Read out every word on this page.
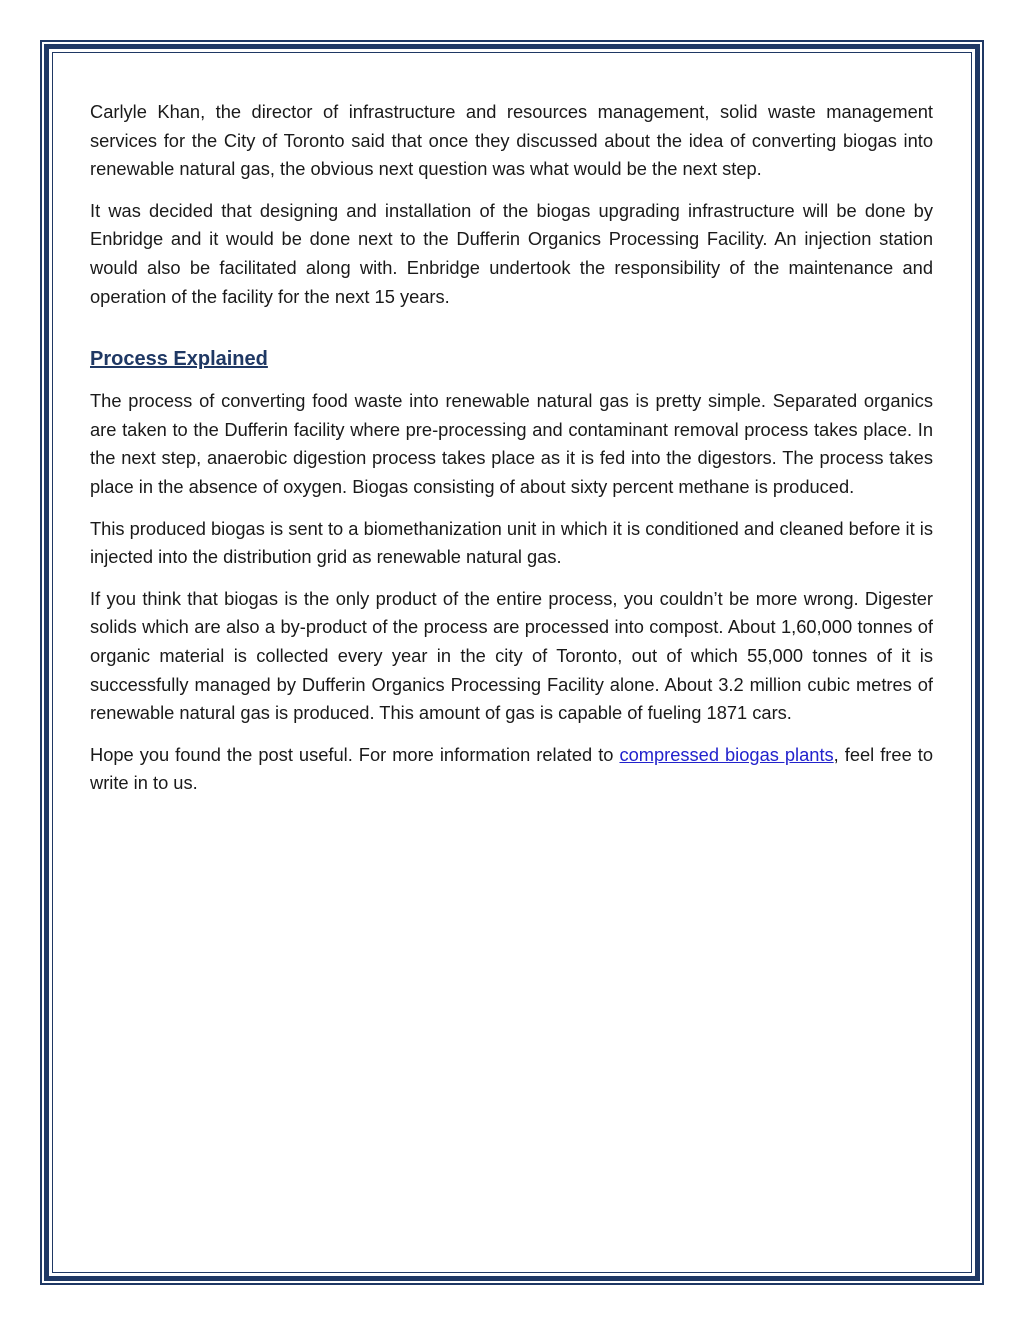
Carlyle Khan, the director of infrastructure and resources management, solid waste management services for the City of Toronto said that once they discussed about the idea of converting biogas into renewable natural gas, the obvious next question was what would be the next step.

It was decided that designing and installation of the biogas upgrading infrastructure will be done by Enbridge and it would be done next to the Dufferin Organics Processing Facility. An injection station would also be facilitated along with. Enbridge undertook the responsibility of the maintenance and operation of the facility for the next 15 years.

Process Explained

The process of converting food waste into renewable natural gas is pretty simple. Separated organics are taken to the Dufferin facility where pre-processing and contaminant removal process takes place. In the next step, anaerobic digestion process takes place as it is fed into the digestors. The process takes place in the absence of oxygen. Biogas consisting of about sixty percent methane is produced.

This produced biogas is sent to a biomethanization unit in which it is conditioned and cleaned before it is injected into the distribution grid as renewable natural gas.

If you think that biogas is the only product of the entire process, you couldn’t be more wrong. Digester solids which are also a by-product of the process are processed into compost. About 1,60,000 tonnes of organic material is collected every year in the city of Toronto, out of which 55,000 tonnes of it is successfully managed by Dufferin Organics Processing Facility alone. About 3.2 million cubic metres of renewable natural gas is produced. This amount of gas is capable of fueling 1871 cars.

Hope you found the post useful. For more information related to compressed biogas plants, feel free to write in to us.
